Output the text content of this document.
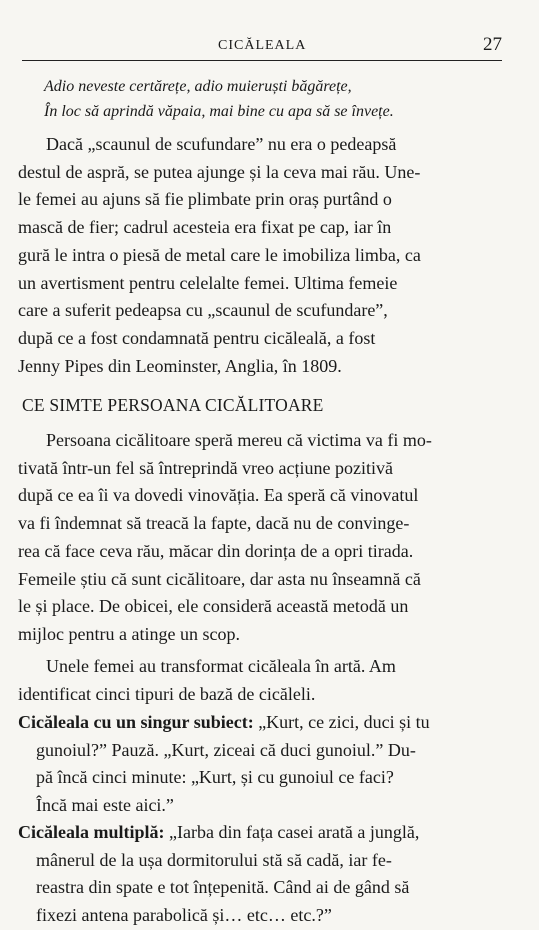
CICĂLEALA	27
Adio neveste certărețe, adio muieruști băgărețe,
În loc să aprindă văpaia, mai bine cu apa să se învețe.
Dacă „scaunul de scufundare” nu era o pedeapsă
destul de aspră, se putea ajunge și la ceva mai rău. Une-
le femei au ajuns să fie plimbate prin oraș purtând o
mască de fier; cadrul acesteia era fixat pe cap, iar în
gură le intra o piesă de metal care le imobiliza limba, ca
un avertisment pentru celelalte femei. Ultima femeie
care a suferit pedeapsa cu „scaunul de scufundare”,
după ce a fost condamnată pentru cicăleală, a fost
Jenny Pipes din Leominster, Anglia, în 1809.
CE SIMTE PERSOANA CICĂLITOARE
Persoana cicălitoare speră mereu că victima va fi mo-
tivată într-un fel să întreprindă vreo acțiune pozitivă
după ce ea îi va dovedi vinovăția. Ea speră că vinovatul
va fi îndemnat să treacă la fapte, dacă nu de convinge-
rea că face ceva rău, măcar din dorința de a opri tirada.
Femeile știu că sunt cicălitoare, dar asta nu înseamnă că
le și place. De obicei, ele consideră această metodă un
mijloc pentru a atinge un scop.
Unele femei au transformat cicăleala în artă. Am
identificat cinci tipuri de bază de cicăleli.
Cicăleala cu un singur subiect: „Kurt, ce zici, duci și tu
gunoiul?” Pauză. „Kurt, ziceai că duci gunoiul.” Du-
pă încă cinci minute: „Kurt, și cu gunoiul ce faci?
Încă mai este aici.”
Cicăleala multiplă: „Iarba din fața casei arată a junglă,
mânerul de la ușa dormitorului stă să cadă, iar fe-
reastra din spate e tot înțepenită. Când ai de gând să
fixezi antena parabolică și… etc… etc.?”
